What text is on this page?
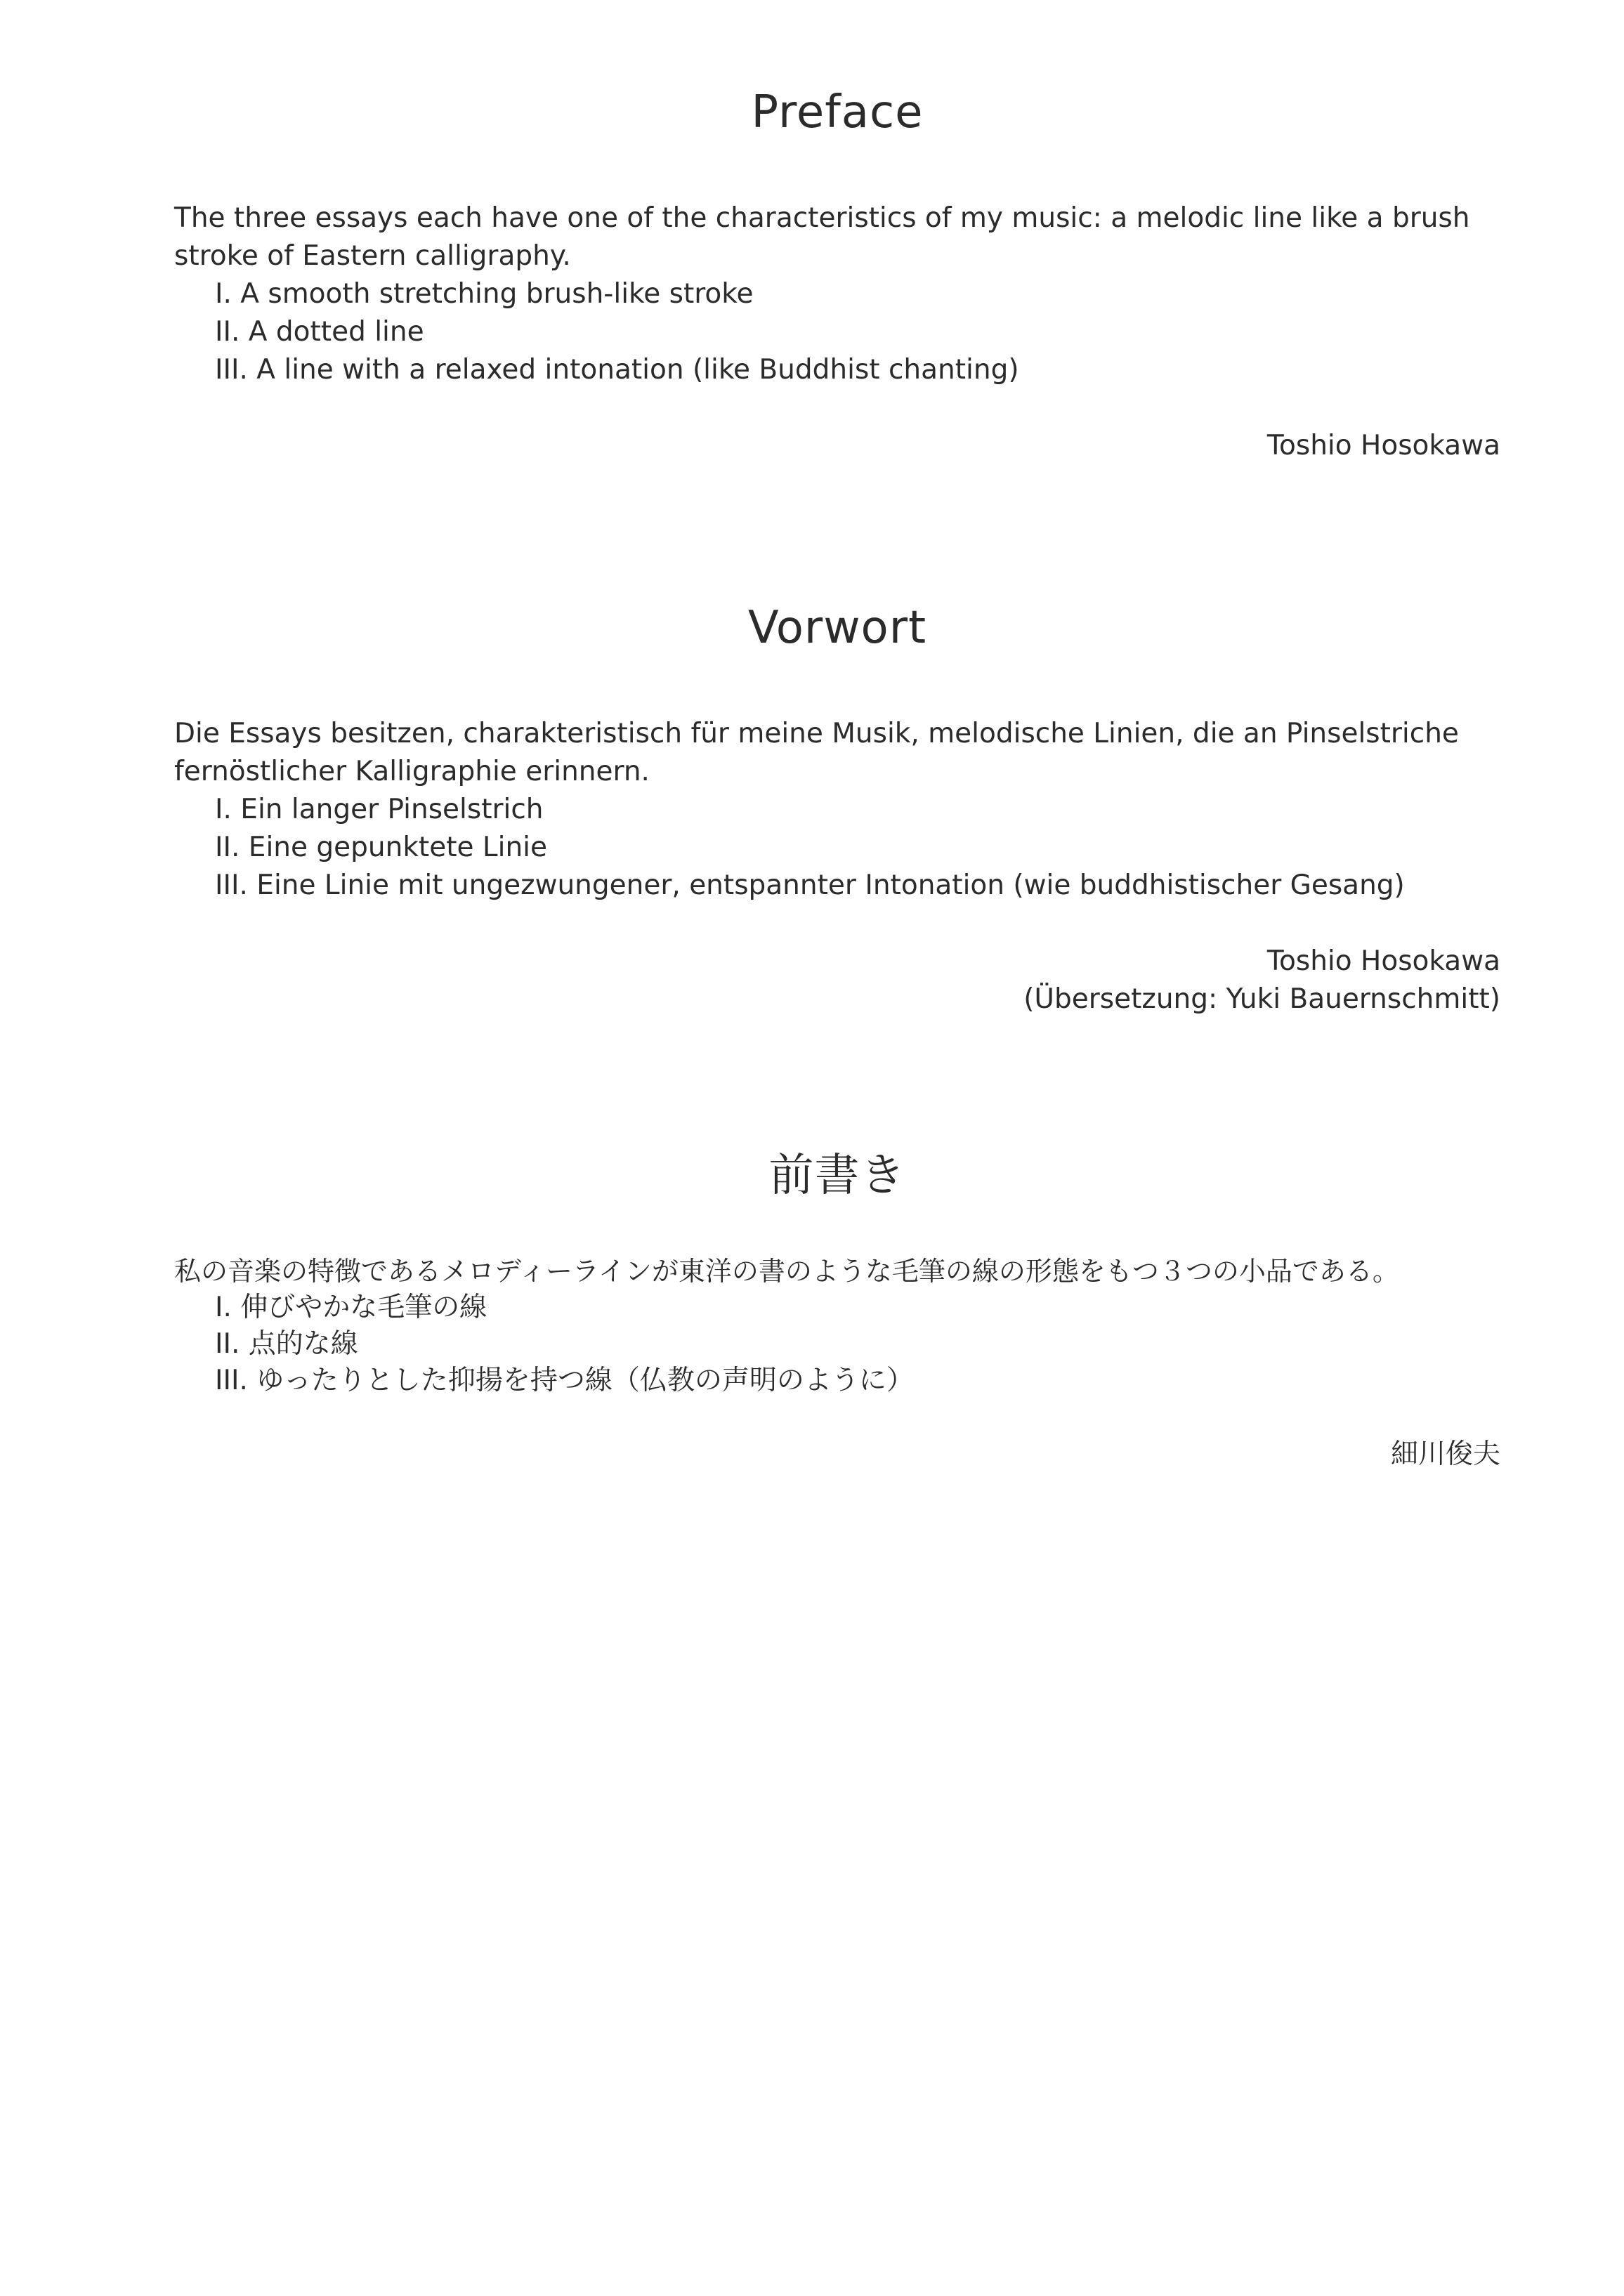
Preface

The three essays each have one of the characteristics of my music: a melodic line like a brush stroke of Eastern calligraphy.

I. A smooth stretching brush-like stroke
II. A dotted line
III. A line with a relaxed intonation (like Buddhist chanting)

Toshio Hosokawa

Vorwort

Die Essays besitzen, charakteristisch für meine Musik, melodische Linien, die an Pinselstriche fernöstlicher Kalligraphie erinnern.

I. Ein langer Pinselstrich
II. Eine gepunktete Linie
III. Eine Linie mit ungezwungener, entspannter Intonation (wie buddhistischer Gesang)

Toshio Hosokawa

(Übersetzung: Yuki Bauernschmitt)

前書き

私の音楽の特徴であるメロディーラインが東洋の書のような毛筆の線の形態をもつ３つの小品である。

I. 伸びやかな毛筆の線
II. 点的な線
III. ゆったりとした抑揚を持つ線（仏教の声明のように）

細川俊夫
